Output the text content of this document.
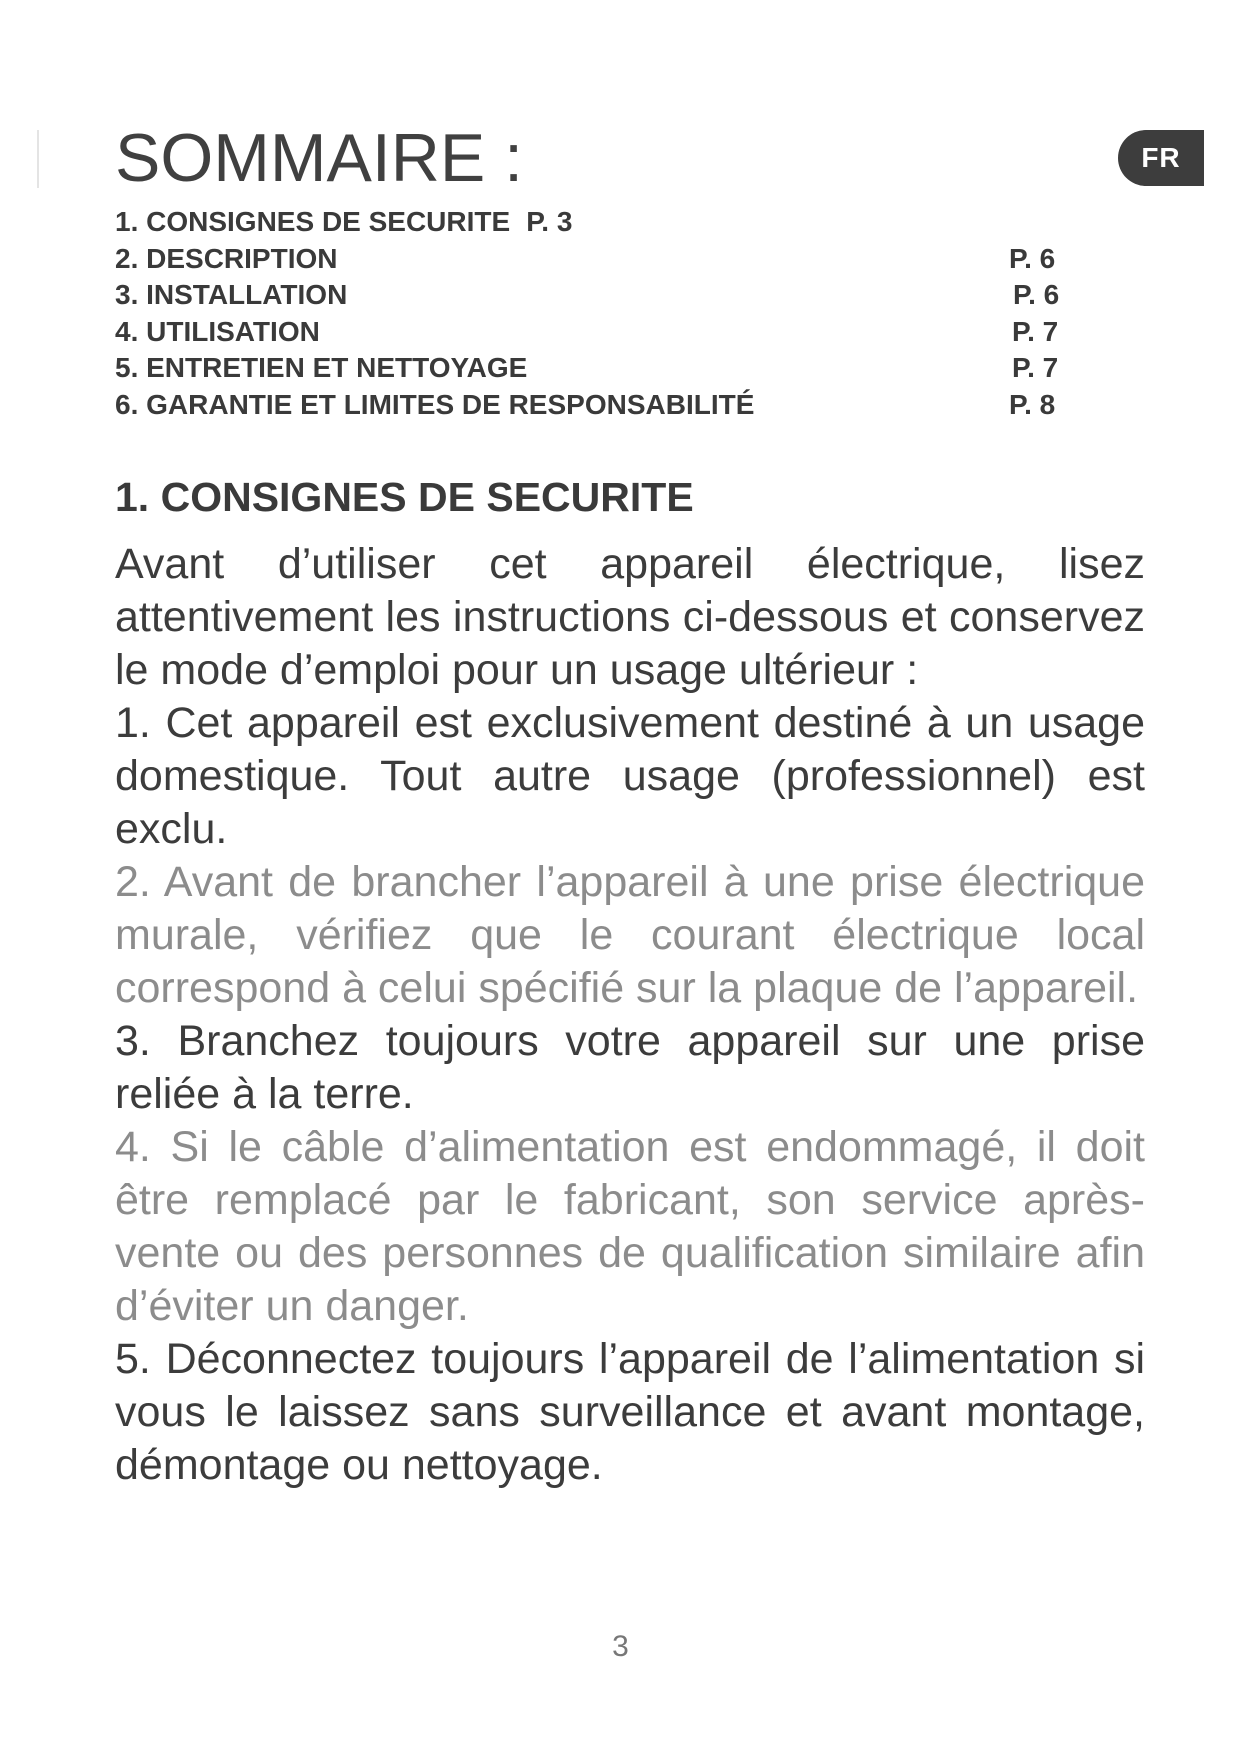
FR
SOMMAIRE :
1. CONSIGNES DE SECURITE P. 3
2. DESCRIPTION	P. 6
3. INSTALLATION	P. 6
4. UTILISATION	P. 7
5. ENTRETIEN ET NETTOYAGE	P. 7
6. GARANTIE ET LIMITES DE RESPONSABILITÉ	P. 8
1. CONSIGNES DE SECURITE

Avant d’utiliser cet appareil électrique, lisez attentivement les instructions ci-dessous et conservez le mode d’emploi pour un usage ultérieur :

1. Cet appareil est exclusivement destiné à un usage domestique. Tout autre usage (professionnel) est exclu.

2. Avant de brancher l’appareil à une prise électrique murale, vérifiez que le courant électrique local correspond à celui spécifié sur la plaque de l’appareil.

3. Branchez toujours votre appareil sur une prise reliée à la terre.

4. Si le câble d’alimentation est endommagé, il doit être remplacé par le fabricant, son service après-vente ou des personnes de qualification similaire afin d’éviter un danger.

5. Déconnectez toujours l’appareil de l’alimentation si vous le laissez sans surveillance et avant montage, démontage ou nettoyage.

3
